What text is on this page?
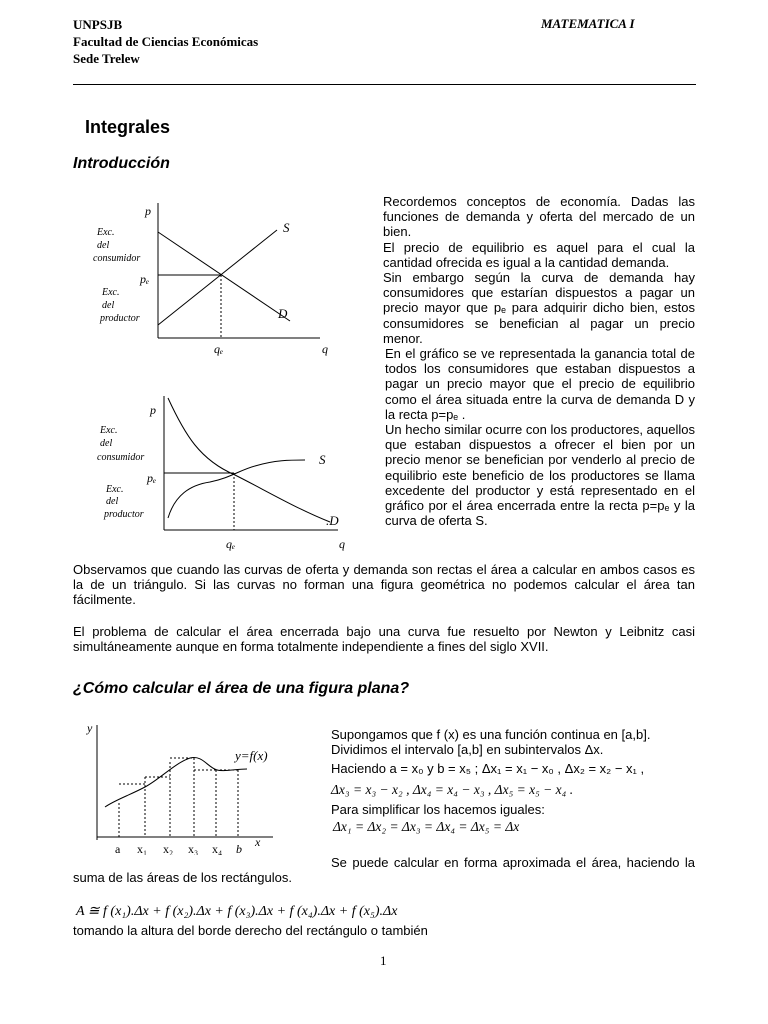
UNPSJB
Facultad de Ciencias Económicas
Sede Trelew
MATEMATICA I
Integrales
Introducción
p
q
S
D
pₑ
qₑ
Exc.
del
consumidor
Exc.
del
productor
p
q
S
.D
pₑ
qₑ
Exc.
del
consumidor
Exc.
del
productor

Recordemos conceptos de economía. Dadas las funciones de demanda y oferta del mercado de un bien.

El precio de equilibrio es aquel para el cual la cantidad ofrecida es igual a la cantidad demanda.

Sin embargo según la curva de demanda hay consumidores que estarían dispuestos a pagar un precio mayor que pₑ para adquirir dicho bien, estos consumidores se benefician al pagar un precio menor.

En el gráfico se ve representada la ganancia total de todos los consumidores que estaban dispuestos a pagar un precio mayor que el precio de equilibrio como el área situada entre la curva de demanda D y la recta p=pₑ .

Un hecho similar ocurre con los productores, aquellos que estaban dispuestos a ofrecer el bien por un precio menor se benefician por venderlo al precio de equilibrio este beneficio de los productores se llama excedente del productor y está representado en el gráfico por el área encerrada entre la recta p=pₑ y la curva de oferta S.

Observamos que cuando las curvas de oferta y demanda son rectas el área a calcular en ambos casos es la de un triángulo. Si las curvas no forman una figura geométrica no podemos calcular el área tan fácilmente.
El problema de calcular el área encerrada bajo una curva fue resuelto por Newton y Leibnitz casi simultáneamente aunque en forma totalmente independiente a fines del siglo XVII.
¿Cómo calcular el área de una figura plana?
y
x
y=f(x)
a x₁ x₂ x₃ x₄ b

Supongamos que f (x) es una función continua en [a,b].

Dividimos el intervalo [a,b] en subintervalos Δx.

Haciendo a = x₀ y b = x₅ ; Δx₁ = x₁ − x₀ , Δx₂ = x₂ − x₁ ,
Δx₃ = x₃ − x₂ , Δx₄ = x₄ − x₃ , Δx₅ = x₅ − x₄ .
Para simplificar los hacemos iguales:
Δx₁ = Δx₂ = Δx₃ = Δx₄ = Δx₅ = Δx
Se puede calcular en forma aproximada el área, haciendo la suma de las áreas de los rectángulos.
A ≅ f (x₁).Δx + f (x₂).Δx + f (x₃).Δx + f (x₄).Δx + f (x₅).Δx
tomando la altura del borde derecho del rectángulo o también
1
